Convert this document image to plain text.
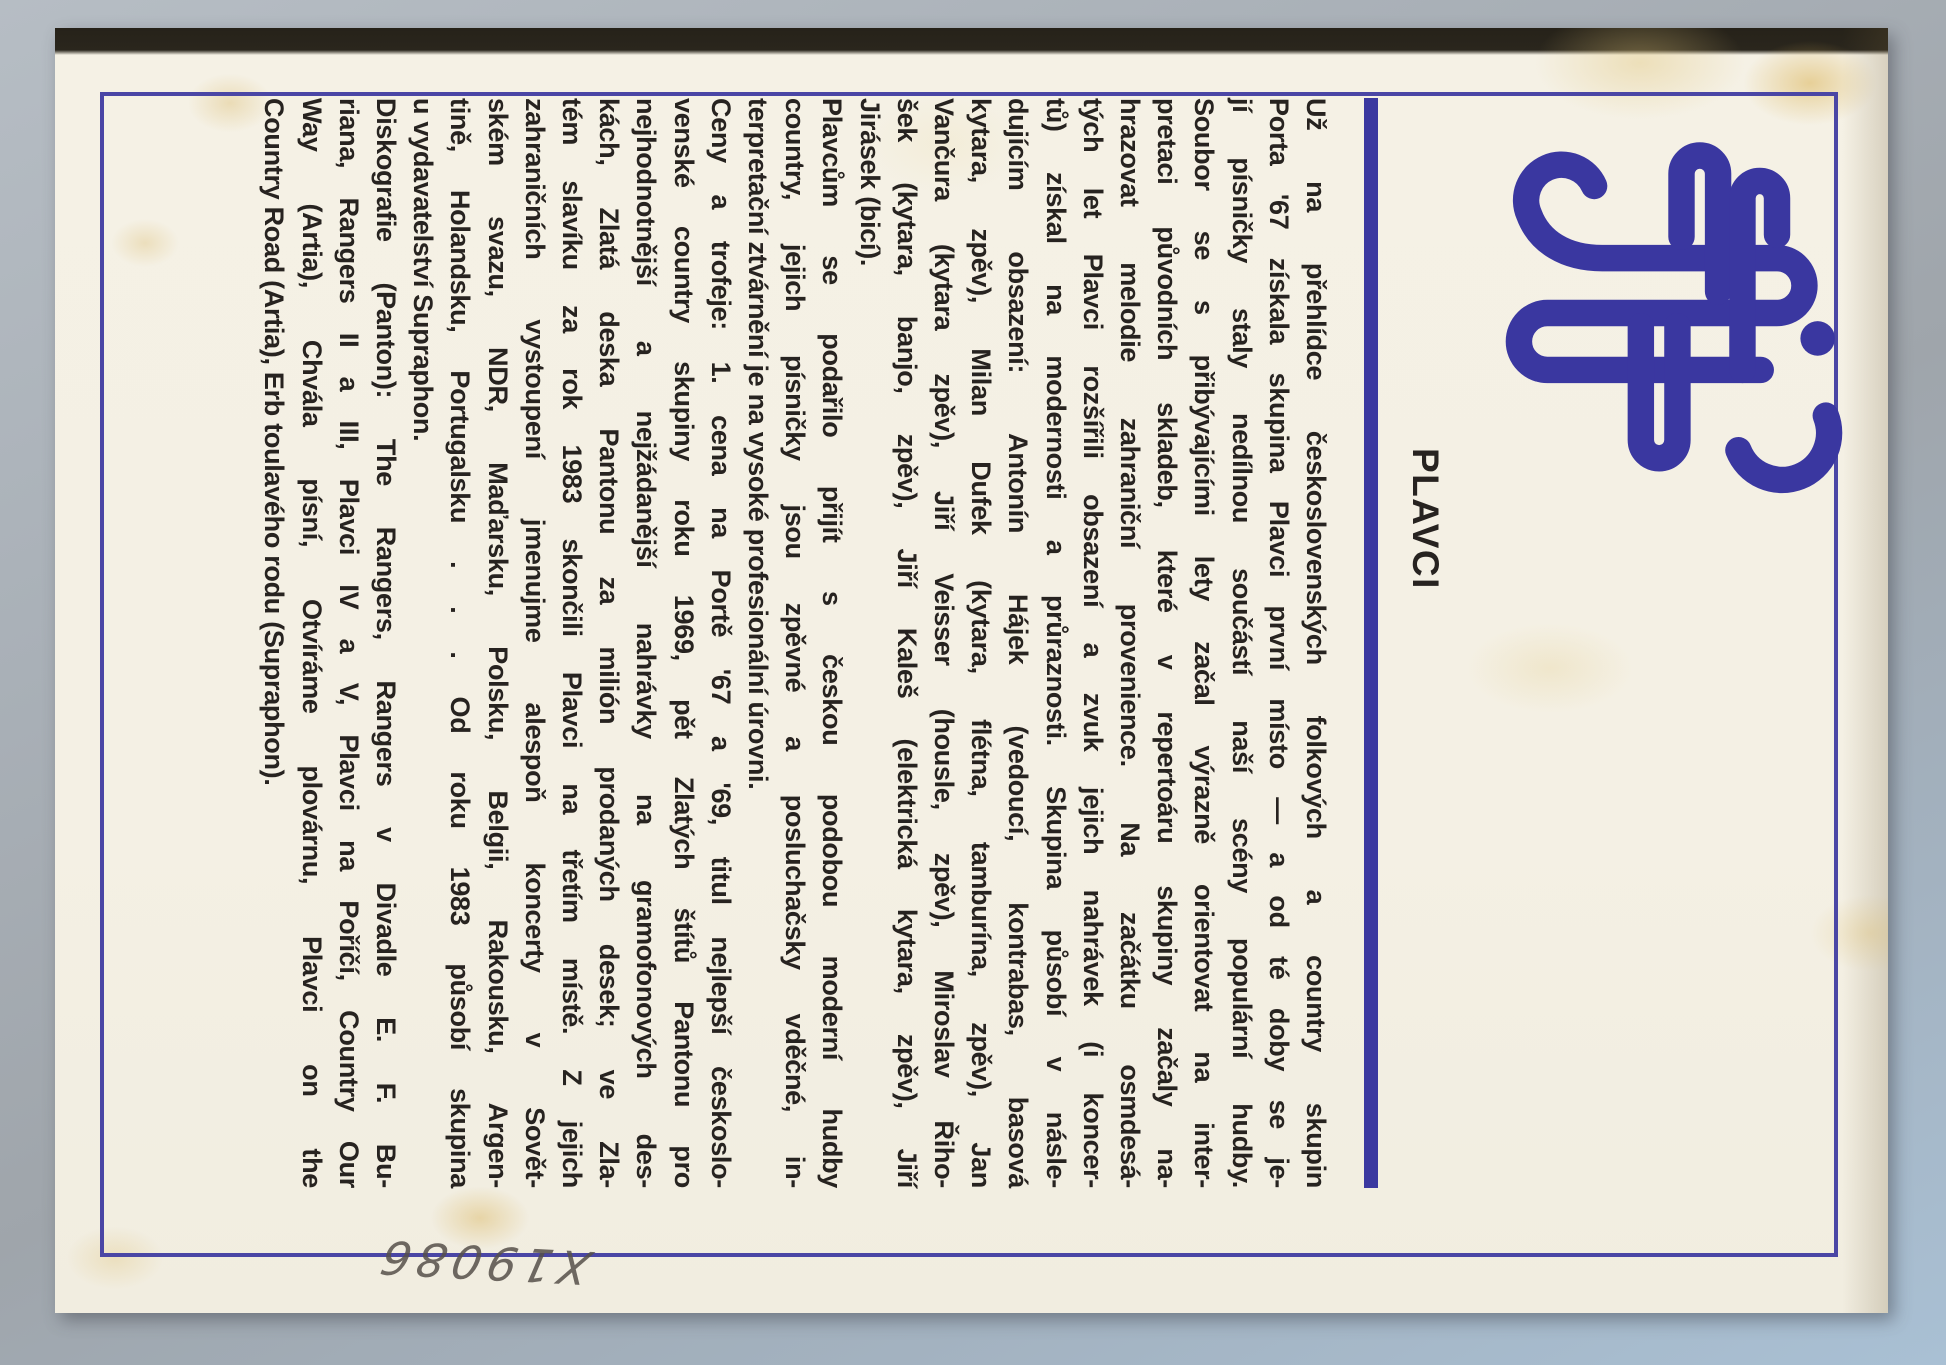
PLAVCI
Už na přehlídce československých folkových a country skupin
Porta '67 získala skupina Plavci první místo — a od té doby se je-
jí písničky staly nedílnou součástí naší scény populární hudby.
Soubor se s přibývajícími lety začal výrazně orientovat na inter-
pretaci původních skladeb, které v repertoáru skupiny začaly na-
hrazovat melodie zahraniční provenience. Na začátku osmdesá-
tých let Plavci rozšířili obsazení a zvuk jejich nahrávek (i koncer-
tů) získal na modernosti a průraznosti. Skupina působí v násle-
dujícím obsazení: Antonín Hájek (vedoucí, kontrabas, basová
kytara, zpěv), Milan Dufek (kytara, flétna, tamburína, zpěv), Jan
Vančura (kytara zpěv), Jiří Veisser (housle, zpěv), Miroslav Řiho-
šek (kytara, banjo, zpěv), Jiří Kaleš (elektrická kytara, zpěv), Jiří
Jirásek (bicí).
Plavcům se podařilo přijít s českou podobou moderní hudby
country, jejich písničky jsou zpěvné a posluchačsky vděčné, in-
terpretační ztvárnění je na vysoké profesionální úrovni.
Ceny a trofeje: 1. cena na Portě '67 a '69, titul nejlepší českoslo-
venské country skupiny roku 1969, pět Zlatých štítů Pantonu pro
nejhodnotnější a nejžádanější nahrávky na gramofonových des-
kách, Zlatá deska Pantonu za milión prodaných desek; ve Zla-
tém slavíku za rok 1983 skončili Plavci na třetím místě. Z jejich
zahraničních vystoupení jmenujme alespoň koncerty v Sovět-
ském svazu, NDR, Maďarsku, Polsku, Belgii, Rakousku, Argen-
tině, Holandsku, Portugalsku . . . Od roku 1983 působí skupina
u vydavatelství Supraphon.
Diskografie (Panton): The Rangers, Rangers v Divadle E. F. Bu-
riana, Rangers II a III, Plavci IV a V, Plavci na Poříčí, Country Our
Way (Artia), Chvála písní, Otvíráme plovárnu, Plavci on the
Country Road (Artia), Erb toulavého rodu (Supraphon).
X19086
